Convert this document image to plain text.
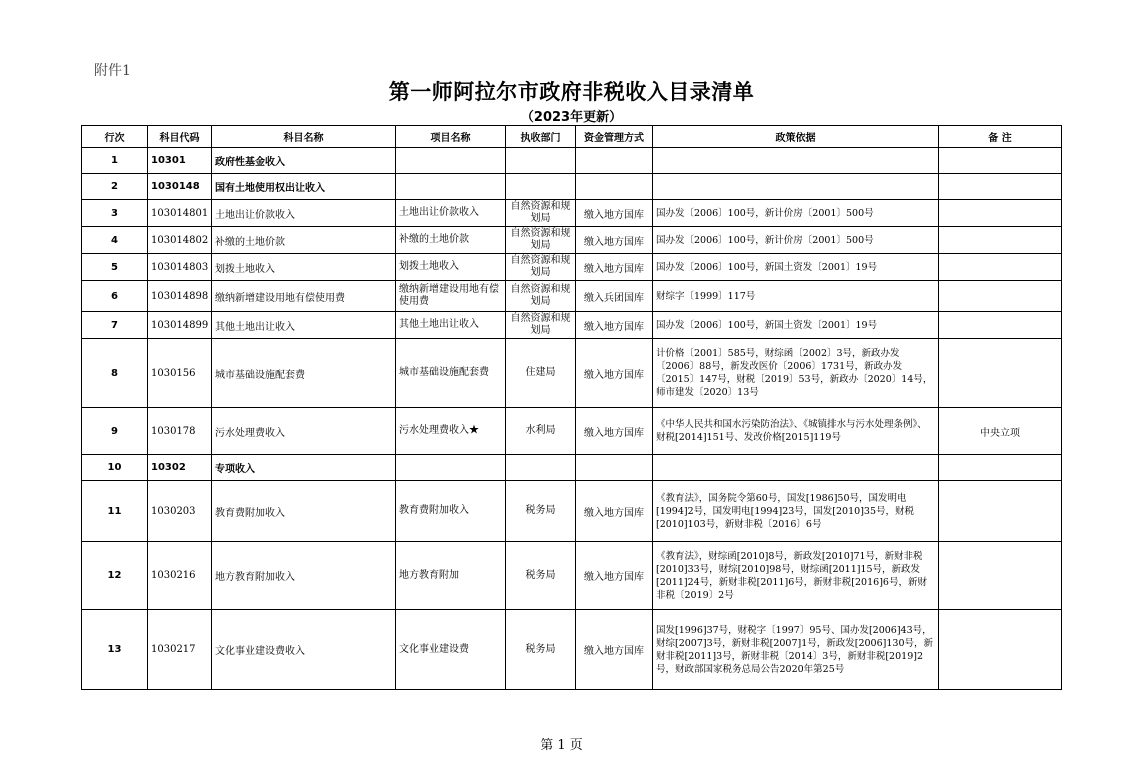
附件1
第一师阿拉尔市政府非税收入目录清单
（2023年更新）
行次	科目代码	科目名称	项目名称	执收部门	资金管理方式	政策依据	备 注
1	10301	政府性基金收入					
2	1030148	国有土地使用权出让收入					
3	103014801	土地出让价款收入	土地出让价款收入	自然资源和规划局	缴入地方国库	国办发〔2006〕100号，新计价房〔2001〕500号	
4	103014802	补缴的土地价款	补缴的土地价款	自然资源和规划局	缴入地方国库	国办发〔2006〕100号，新计价房〔2001〕500号	
5	103014803	划拨土地收入	划拨土地收入	自然资源和规划局	缴入地方国库	国办发〔2006〕100号，新国土资发〔2001〕19号	
6	103014898	缴纳新增建设用地有偿使用费	缴纳新增建设用地有偿使用费	自然资源和规划局	缴入兵团国库	财综字〔1999〕117号	
7	103014899	其他土地出让收入	其他土地出让收入	自然资源和规划局	缴入地方国库	国办发〔2006〕100号，新国土资发〔2001〕19号	
8	1030156	城市基础设施配套费	城市基础设施配套费	住建局	缴入地方国库	计价格〔2001〕585号，财综函〔2002〕3号，新政办发〔2006〕88号，新发改医价〔2006〕1731号，新政办发〔2015〕147号，财税〔2019〕53号，新政办〔2020〕14号，师市建发〔2020〕13号	
9	1030178	污水处理费收入	污水处理费收入★	水利局	缴入地方国库	《中华人民共和国水污染防治法》、《城镇排水与污水处理条例》、财税[2014]151号、发改价格[2015]119号	中央立项
10	10302	专项收入					
11	1030203	教育费附加收入	教育费附加收入	税务局	缴入地方国库	《教育法》，国务院令第60号，国发[1986]50号，国发明电[1994]2号，国发明电[1994]23号，国发[2010]35号，财税[2010]103号，新财非税〔2016〕6号	
12	1030216	地方教育附加收入	地方教育附加	税务局	缴入地方国库	《教育法》，财综函[2010]8号，新政发[2010]71号，新财非税[2010]33号，财综[2010]98号，财综函[2011]15号，新政发[2011]24号，新财非税[2011]6号，新财非税[2016]6号，新财非税〔2019〕2号	
13	1030217	文化事业建设费收入	文化事业建设费	税务局	缴入地方国库	国发[1996]37号，财税字〔1997〕95号、国办发[2006]43号，财综[2007]3号，新财非税[2007]1号，新政发[2006]130号，新财非税[2011]3号，新财非税〔2014〕3号，新财非税[2019]2号，财政部国家税务总局公告2020年第25号	
第 1 页
